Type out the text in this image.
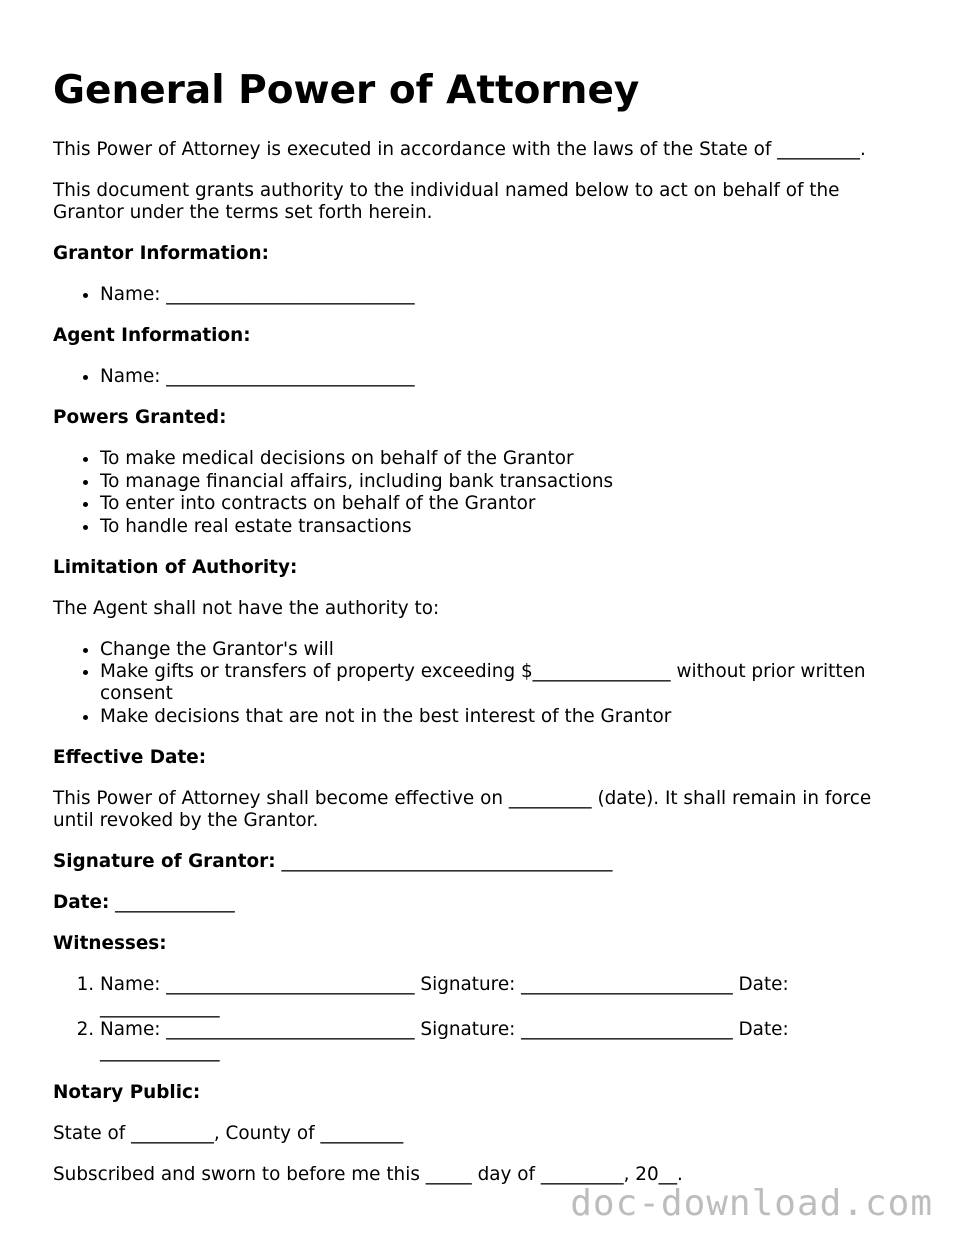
General Power of Attorney

This Power of Attorney is executed in accordance with the laws of the State of _________.

This document grants authority to the individual named below to act on behalf of the Grantor under the terms set forth herein.

Grantor Information:
• Name: ___________________________
Agent Information:
• Name: ___________________________
Powers Granted:
• To make medical decisions on behalf of the Grantor
• To manage financial affairs, including bank transactions
• To enter into contracts on behalf of the Grantor
• To handle real estate transactions
Limitation of Authority:

The Agent shall not have the authority to:

• Change the Grantor's will
• Make gifts or transfers of property exceeding $_______________ without prior written consent
• Make decisions that are not in the best interest of the Grantor
Effective Date:

This Power of Attorney shall become effective on _________ (date). It shall remain in force until revoked by the Grantor.

Signature of Grantor: ____________________________________

Date: _____________

Witnesses:
1. Name: ___________________________ Signature: _______________________ Date: _____________
2. Name: ___________________________ Signature: _______________________ Date: _____________
Notary Public:

State of _________, County of _________

Subscribed and sworn to before me this _____ day of _________, 20__.

doc-download.com
